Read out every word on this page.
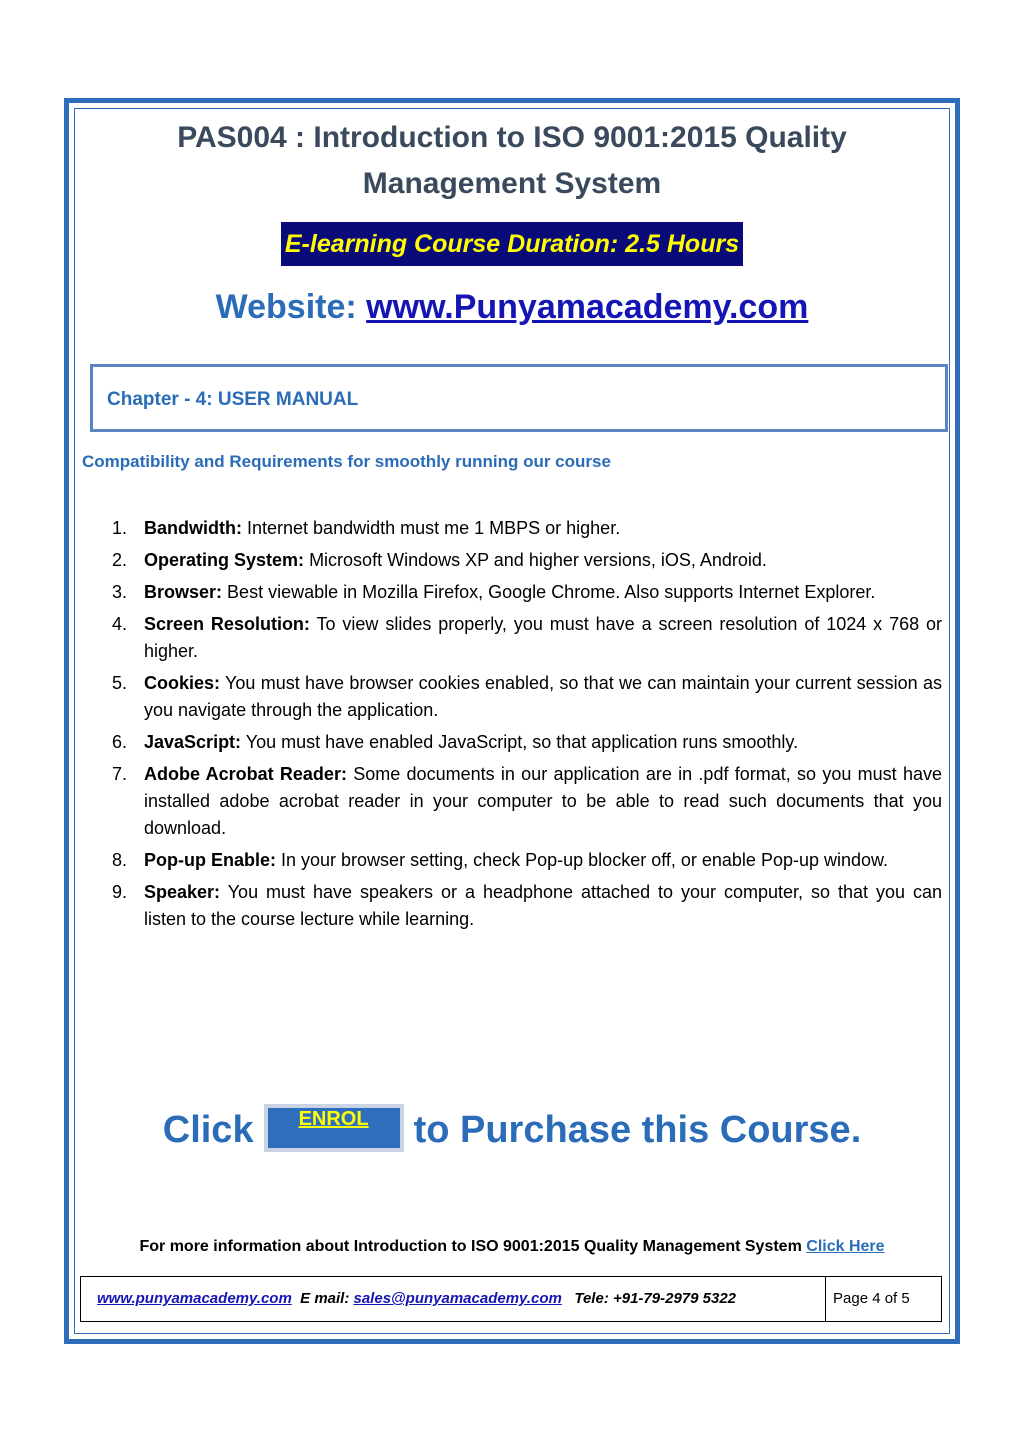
PAS004 : Introduction to ISO 9001:2015 Quality
Management System
E-learning Course Duration: 2.5 Hours
Website: www.Punyamacademy.com
Chapter - 4: USER MANUAL
Compatibility and Requirements for smoothly running our course
1. Bandwidth: Internet bandwidth must me 1 MBPS or higher.
2. Operating System: Microsoft Windows XP and higher versions, iOS, Android.
3. Browser: Best viewable in Mozilla Firefox, Google Chrome. Also supports Internet Explorer.
4. Screen Resolution: To view slides properly, you must have a screen resolution of 1024 x 768 or higher.
5. Cookies: You must have browser cookies enabled, so that we can maintain your current session as you navigate through the application.
6. JavaScript: You must have enabled JavaScript, so that application runs smoothly.
7. Adobe Acrobat Reader: Some documents in our application are in .pdf format, so you must have installed adobe acrobat reader in your computer to be able to read such documents that you download.
8. Pop-up Enable: In your browser setting, check Pop-up blocker off, or enable Pop-up window.
9. Speaker: You must have speakers or a headphone attached to your computer, so that you can listen to the course lecture while learning.
Click	ENROL	to Purchase this Course.
For more information about Introduction to ISO 9001:2015 Quality Management System Click Here
www.punyamacademy.com E mail: sales@punyamacademy.com Tele: +91-79-2979 5322	Page 4 of 5
